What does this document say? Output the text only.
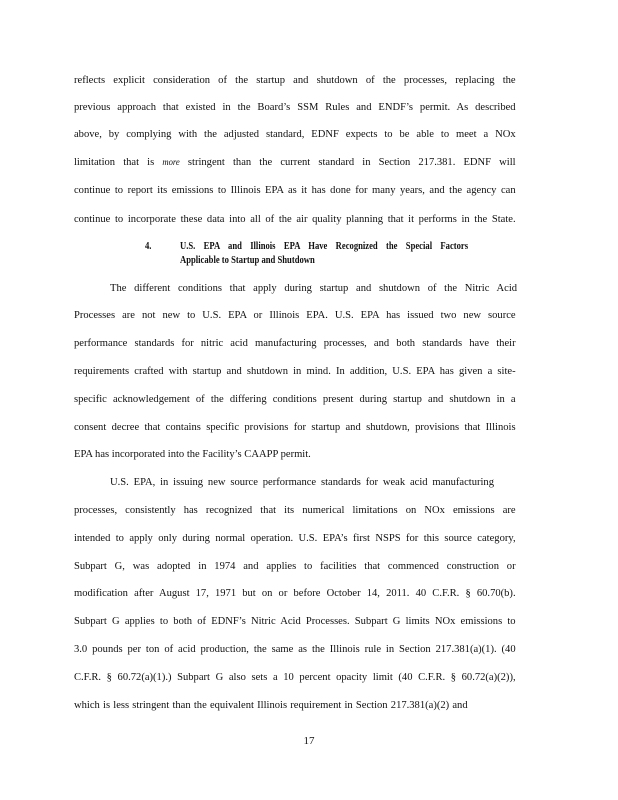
reflects explicit consideration of the startup and shutdown of the processes, replacing the
previous approach that existed in the Board’s SSM Rules and ENDF’s permit. As described
above, by complying with the adjusted standard, EDNF expects to be able to meet a NOx
limitation that is more stringent than the current standard in Section 217.381. EDNF will
continue to report its emissions to Illinois EPA as it has done for many years, and the agency can
continue to incorporate these data into all of the air quality planning that it performs in the State.
4.	U.S. EPA and Illinois EPA Have Recognized the Special Factors
Applicable to Startup and Shutdown
The different conditions that apply during startup and shutdown of the Nitric Acid
Processes are not new to U.S. EPA or Illinois EPA. U.S. EPA has issued two new source
performance standards for nitric acid manufacturing processes, and both standards have their
requirements crafted with startup and shutdown in mind. In addition, U.S. EPA has given a site-
specific acknowledgement of the differing conditions present during startup and shutdown in a
consent decree that contains specific provisions for startup and shutdown, provisions that Illinois
EPA has incorporated into the Facility’s CAAPP permit.
U.S. EPA, in issuing new source performance standards for weak acid manufacturing
processes, consistently has recognized that its numerical limitations on NOx emissions are
intended to apply only during normal operation. U.S. EPA’s first NSPS for this source category,
Subpart G, was adopted in 1974 and applies to facilities that commenced construction or
modification after August 17, 1971 but on or before October 14, 2011. 40 C.F.R. § 60.70(b).
Subpart G applies to both of EDNF’s Nitric Acid Processes. Subpart G limits NOx emissions to
3.0 pounds per ton of acid production, the same as the Illinois rule in Section 217.381(a)(1). (40
C.F.R. § 60.72(a)(1).) Subpart G also sets a 10 percent opacity limit (40 C.F.R. § 60.72(a)(2)),
which is less stringent than the equivalent Illinois requirement in Section 217.381(a)(2) and
17
